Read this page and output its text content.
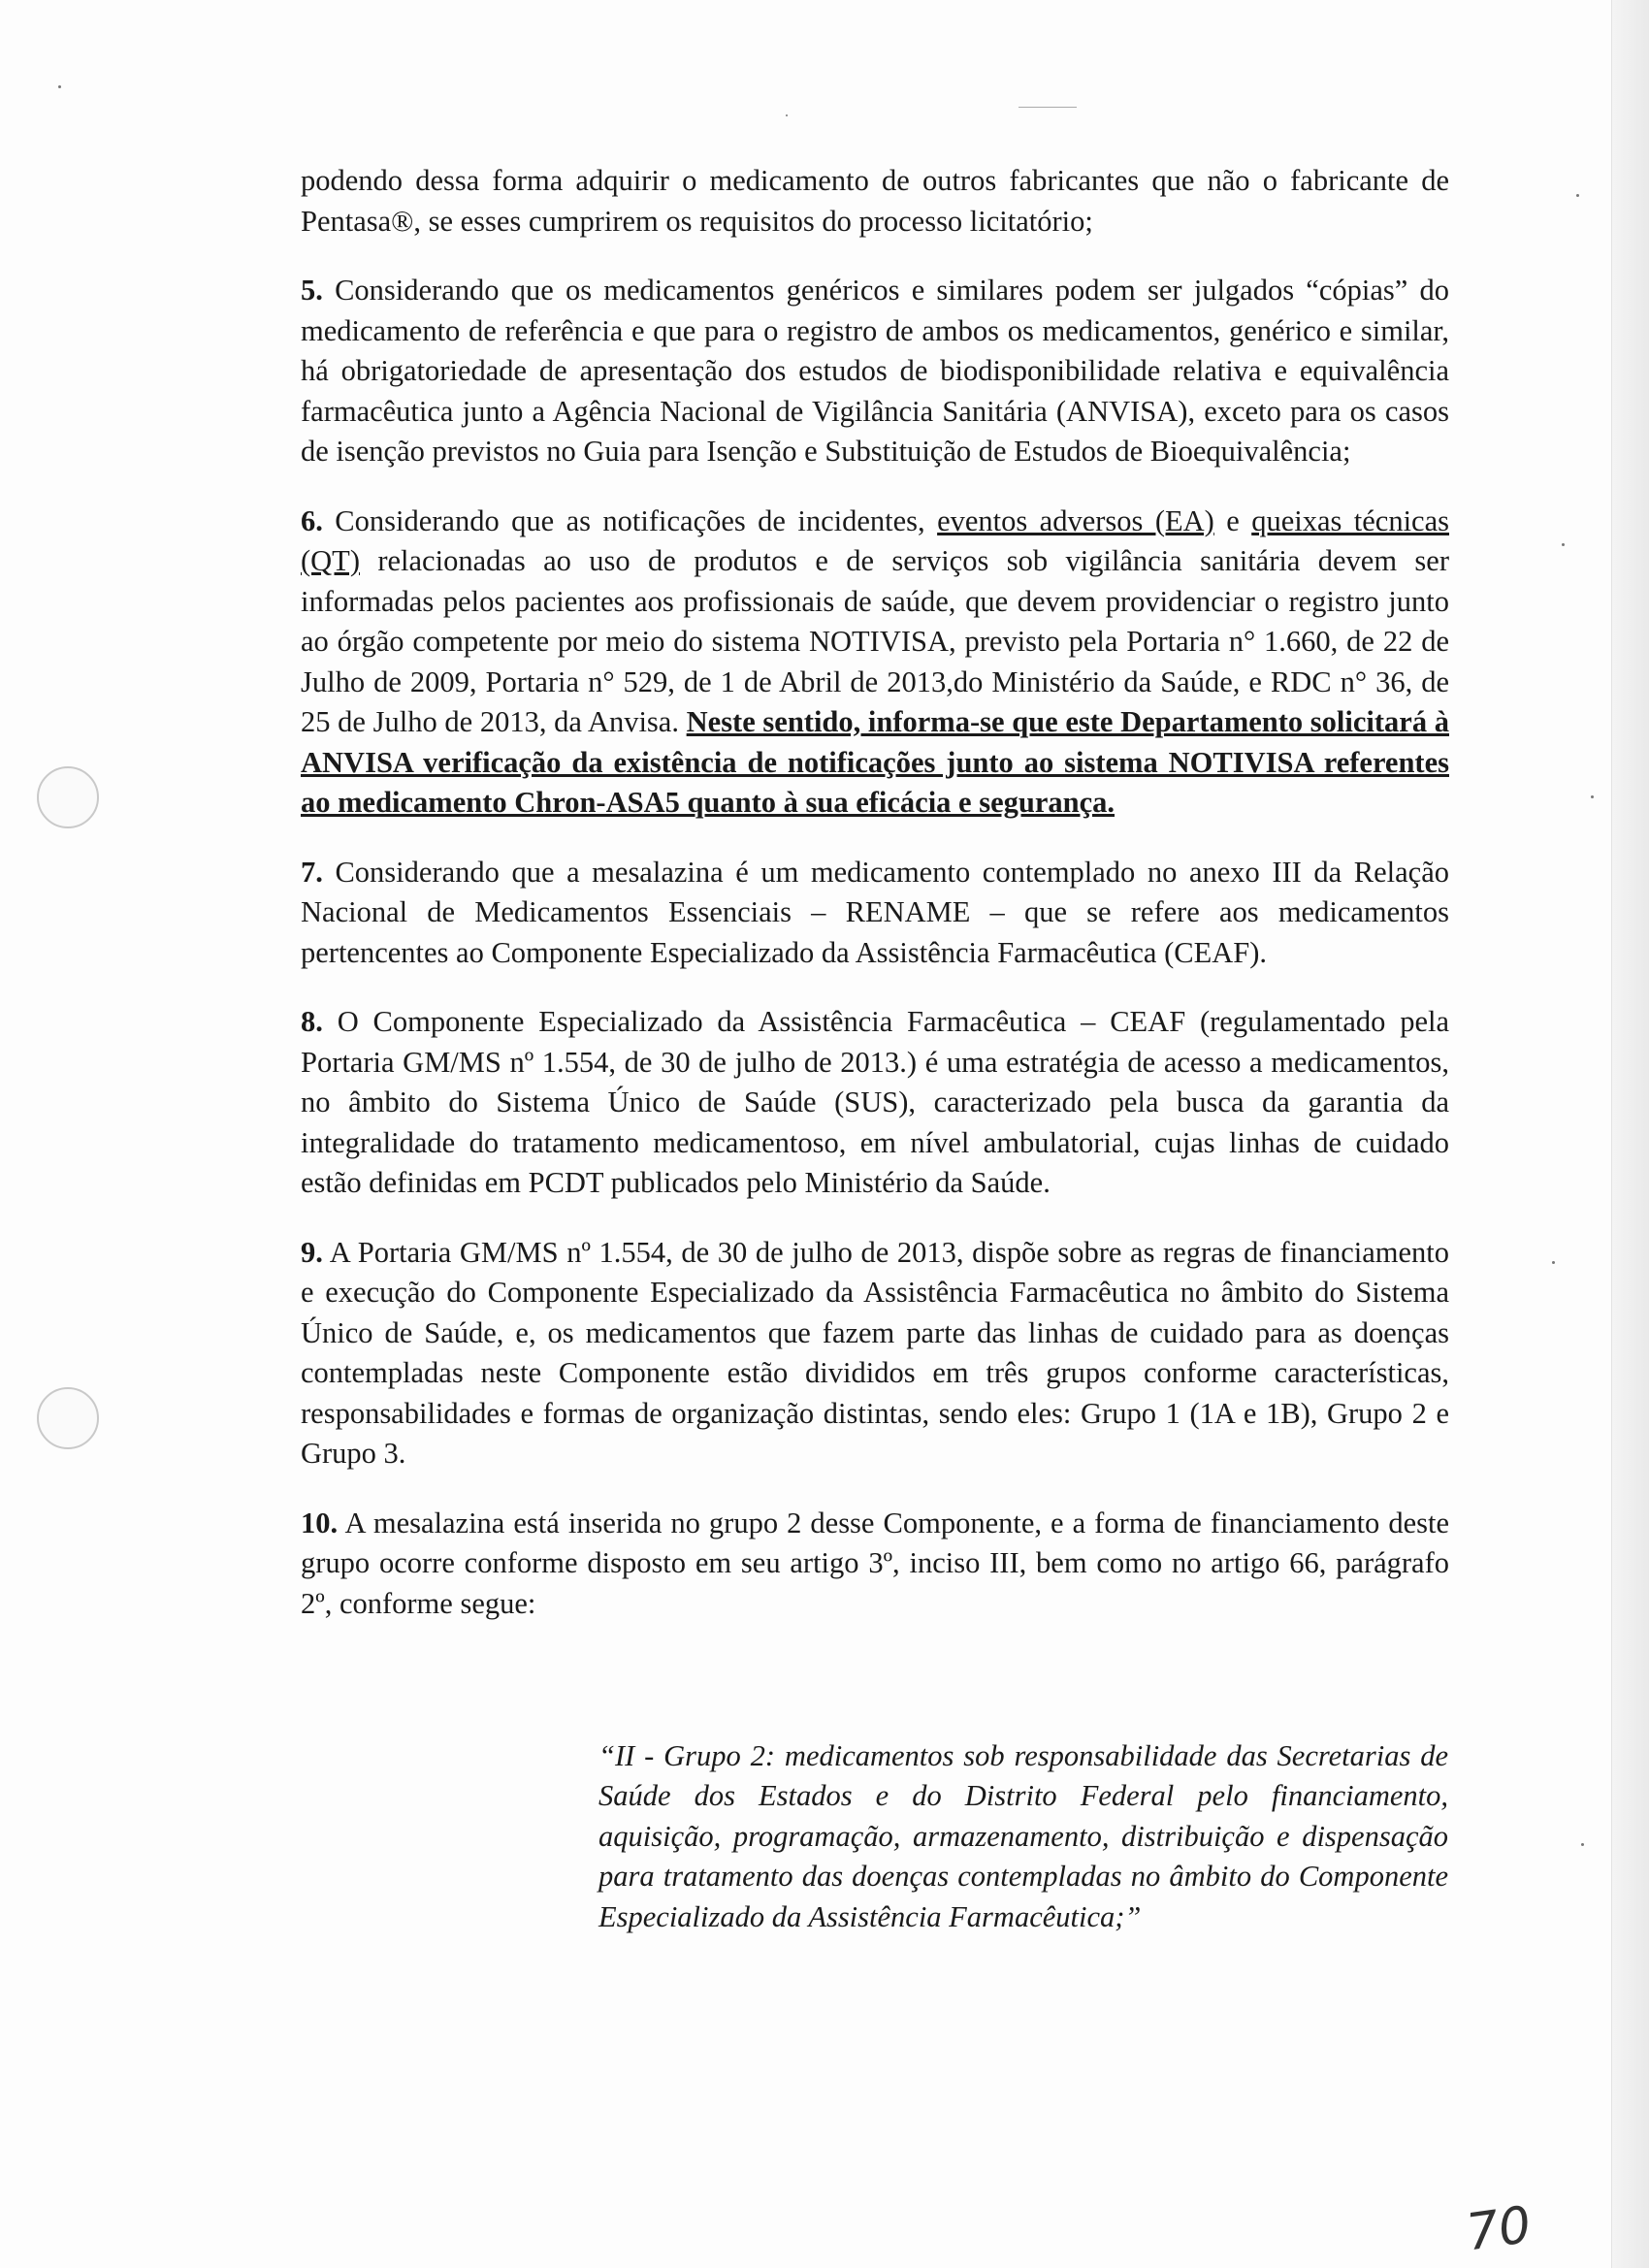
podendo dessa forma adquirir o medicamento de outros fabricantes que não o fabricante de Pentasa®, se esses cumprirem os requisitos do processo licitatório;

5. Considerando que os medicamentos genéricos e similares podem ser julgados “cópias” do medicamento de referência e que para o registro de ambos os medicamentos, genérico e similar, há obrigatoriedade de apresentação dos estudos de biodisponibilidade relativa e equivalência farmacêutica junto a Agência Nacional de Vigilância Sanitária (ANVISA), exceto para os casos de isenção previstos no Guia para Isenção e Substituição de Estudos de Bioequivalência;

6. Considerando que as notificações de incidentes, eventos adversos (EA) e queixas técnicas (QT) relacionadas ao uso de produtos e de serviços sob vigilância sanitária devem ser informadas pelos pacientes aos profissionais de saúde, que devem providenciar o registro junto ao órgão competente por meio do sistema NOTIVISA, previsto pela Portaria n° 1.660, de 22 de Julho de 2009, Portaria n° 529, de 1 de Abril de 2013,do Ministério da Saúde, e RDC n° 36, de 25 de Julho de 2013, da Anvisa. Neste sentido, informa-se que este Departamento solicitará à ANVISA verificação da existência de notificações junto ao sistema NOTIVISA referentes ao medicamento Chron-ASA5 quanto à sua eficácia e segurança.

7. Considerando que a mesalazina é um medicamento contemplado no anexo III da Relação Nacional de Medicamentos Essenciais – RENAME – que se refere aos medicamentos pertencentes ao Componente Especializado da Assistência Farmacêutica (CEAF).

8. O Componente Especializado da Assistência Farmacêutica – CEAF (regulamentado pela Portaria GM/MS nº 1.554, de 30 de julho de 2013.) é uma estratégia de acesso a medicamentos, no âmbito do Sistema Único de Saúde (SUS), caracterizado pela busca da garantia da integralidade do tratamento medicamentoso, em nível ambulatorial, cujas linhas de cuidado estão definidas em PCDT publicados pelo Ministério da Saúde.

9. A Portaria GM/MS nº 1.554, de 30 de julho de 2013, dispõe sobre as regras de financiamento e execução do Componente Especializado da Assistência Farmacêutica no âmbito do Sistema Único de Saúde, e, os medicamentos que fazem parte das linhas de cuidado para as doenças contempladas neste Componente estão divididos em três grupos conforme características, responsabilidades e formas de organização distintas, sendo eles: Grupo 1 (1A e 1B), Grupo 2 e Grupo 3.

10. A mesalazina está inserida no grupo 2 desse Componente, e a forma de financiamento deste grupo ocorre conforme disposto em seu artigo 3º, inciso III, bem como no artigo 66, parágrafo 2º, conforme segue:

“II - Grupo 2: medicamentos sob responsabilidade das Secretarias de Saúde dos Estados e do Distrito Federal pelo financiamento, aquisição, programação, armazenamento, distribuição e dispensação para tratamento das doenças contempladas no âmbito do Componente Especializado da Assistência Farmacêutica;”

70
